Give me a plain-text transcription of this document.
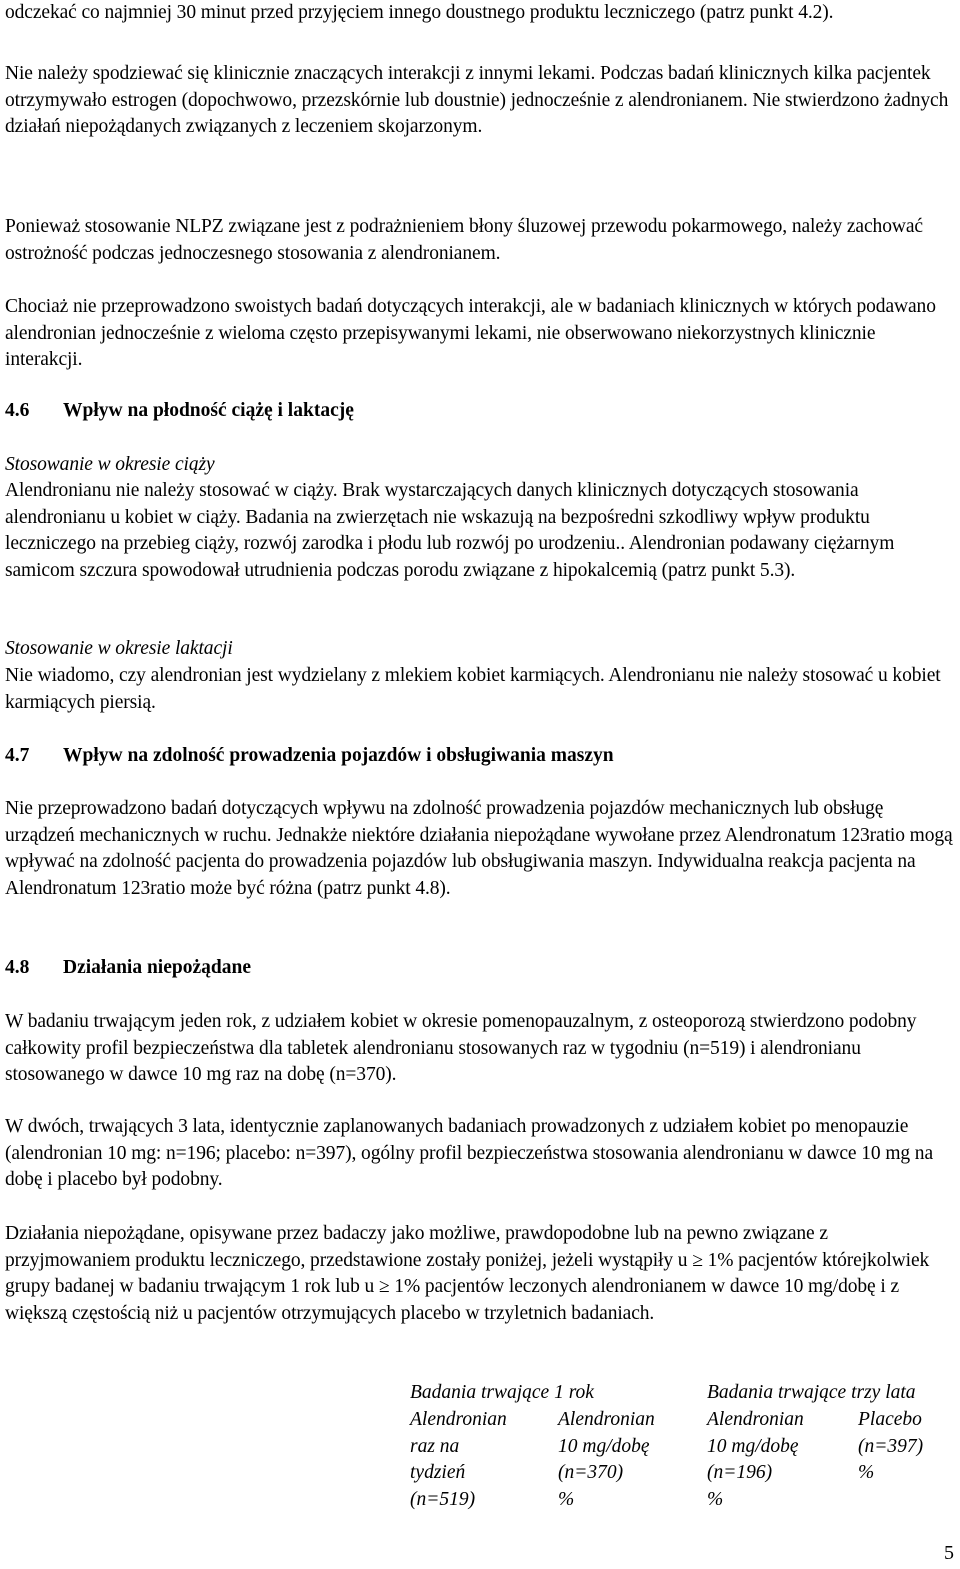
odczekać co najmniej 30 minut przed przyjęciem innego doustnego produktu leczniczego (patrz punkt 4.2).

Nie należy spodziewać się klinicznie znaczących interakcji z innymi lekami. Podczas badań klinicznych kilka pacjentek otrzymywało estrogen (dopochwowo, przezskórnie lub doustnie) jednocześnie z alendronianem. Nie stwierdzono żadnych działań niepożądanych związanych z leczeniem skojarzonym.

Ponieważ stosowanie NLPZ związane jest z podrażnieniem błony śluzowej przewodu pokarmowego, należy zachować ostrożność podczas jednoczesnego stosowania z alendronianem.

Chociaż nie przeprowadzono swoistych badań dotyczących interakcji, ale w badaniach klinicznych w których podawano alendronian jednocześnie z wieloma często przepisywanymi lekami, nie obserwowano niekorzystnych klinicznie interakcji.

4.6	Wpływ na płodność ciążę i laktację

Stosowanie w okresie ciąży

Alendronianu nie należy stosować w ciąży. Brak wystarczających danych klinicznych dotyczących stosowania alendronianu u kobiet w ciąży. Badania na zwierzętach nie wskazują na bezpośredni szkodliwy wpływ produktu leczniczego na przebieg ciąży, rozwój zarodka i płodu lub rozwój po urodzeniu.. Alendronian podawany ciężarnym samicom szczura spowodował utrudnienia podczas porodu związane z hipokalcemią (patrz punkt 5.3).

Stosowanie w okresie laktacji

Nie wiadomo, czy alendronian jest wydzielany z mlekiem kobiet karmiących. Alendronianu nie należy stosować u kobiet karmiących piersią.

4.7	Wpływ na zdolność prowadzenia pojazdów i obsługiwania maszyn

Nie przeprowadzono badań dotyczących wpływu na zdolność prowadzenia pojazdów mechanicznych lub obsługę urządzeń mechanicznych w ruchu. Jednakże niektóre działania niepożądane wywołane przez Alendronatum 123ratio mogą wpływać na zdolność pacjenta do prowadzenia pojazdów lub obsługiwania maszyn. Indywidualna reakcja pacjenta na Alendronatum 123ratio może być różna (patrz punkt 4.8).

4.8	Działania niepożądane

W badaniu trwającym jeden rok, z udziałem kobiet w okresie pomenopauzalnym, z osteoporozą stwierdzono podobny całkowity profil bezpieczeństwa dla tabletek alendronianu stosowanych raz w tygodniu (n=519) i alendronianu stosowanego w dawce 10 mg raz na dobę (n=370).

W dwóch, trwających 3 lata, identycznie zaplanowanych badaniach prowadzonych z udziałem kobiet po menopauzie (alendronian 10 mg: n=196; placebo: n=397), ogólny profil bezpieczeństwa stosowania alendronianu w dawce 10 mg na dobę i placebo był podobny.

Działania niepożądane, opisywane przez badaczy jako możliwe, prawdopodobne lub na pewno związane z przyjmowaniem produktu leczniczego, przedstawione zostały poniżej, jeżeli wystąpiły u ≥ 1% pacjentów którejkolwiek grupy badanej w badaniu trwającym 1 rok lub u ≥ 1% pacjentów leczonych alendronianem w dawce 10 mg/dobę i z większą częstością niż u pacjentów otrzymujących placebo w trzyletnich badaniach.

Badania trwające 1 rok	Badania trwające trzy lata
Alendronian	Alendronian	Alendronian	Placebo
raz na	10 mg/dobę	10 mg/dobę	(n=397)
tydzień	(n=370)	(n=196)	%
(n=519)	%	%
5
